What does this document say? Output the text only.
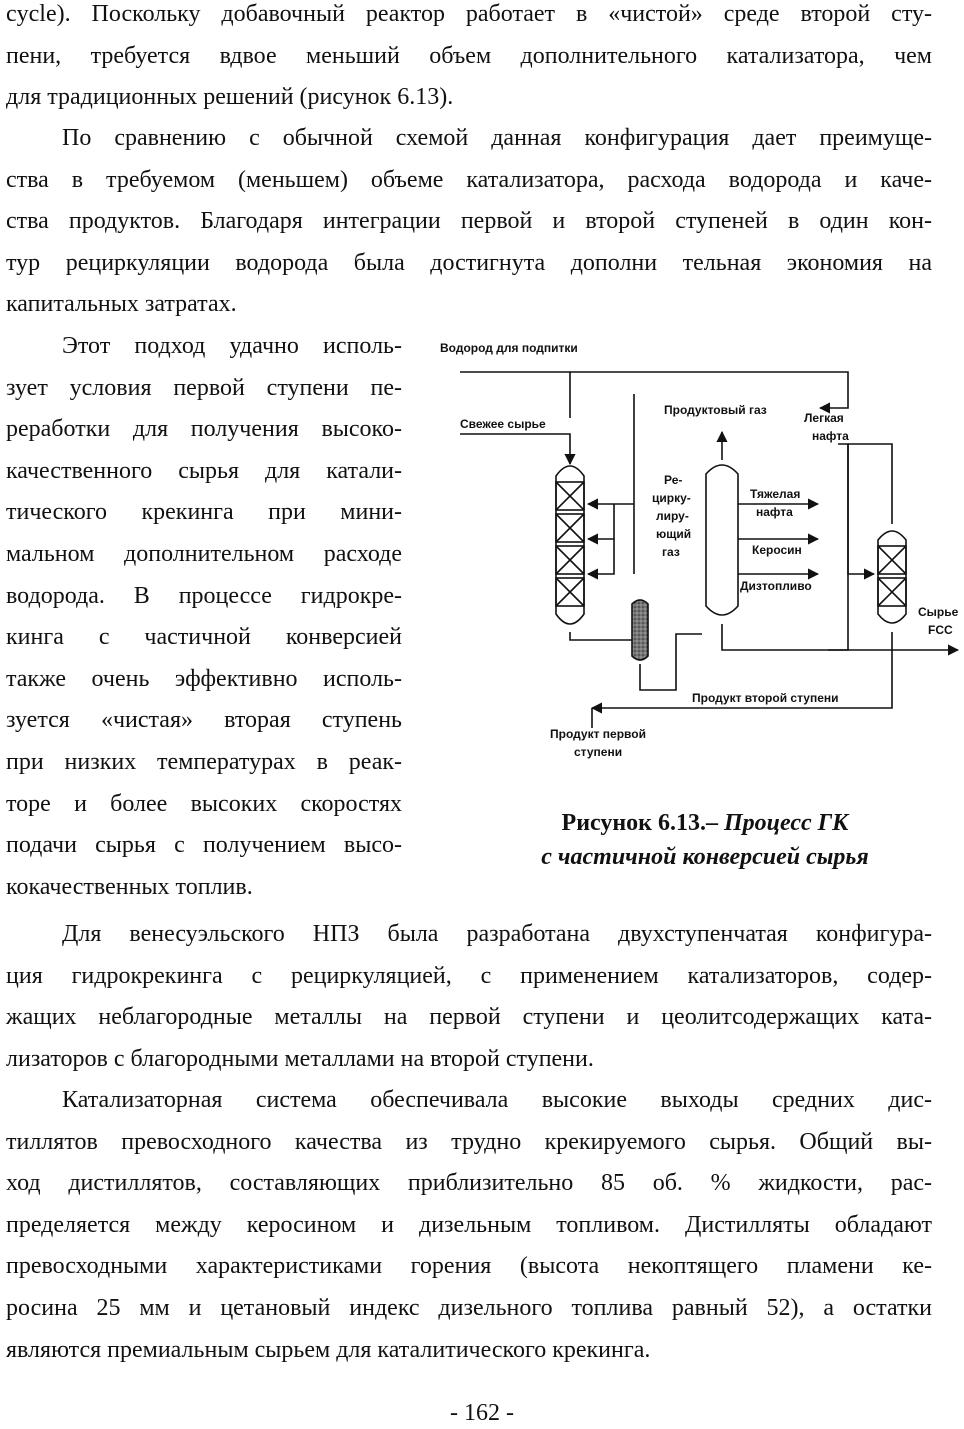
cycle). Поскольку добавочный реактор работает в «чистой» среде второй сту-
пени, требуется вдвое меньший объем дополнительного катализатора, чем
для традиционных решений (рисунок 6.13).
По сравнению с обычной схемой данная конфигурация дает преимуще-
ства в требуемом (меньшем) объеме катализатора, расхода водорода и каче-
ства продуктов. Благодаря интеграции первой и второй ступеней в один кон-
тур рециркуляции водорода была достигнута дополни тельная экономия на
капитальных затратах.
Этот подход удачно исполь-
зует условия первой ступени пе-
реработки для получения высоко-
качественного сырья для катали-
тического крекинга при мини-
мальном дополнительном расходе
водорода. В процессе гидрокре-
кинга с частичной конверсией
также очень эффективно исполь-
зуется «чистая» вторая ступень
при низких температурах в реак-
торе и более высоких скоростях
подачи сырья с получением высо-
кокачественных топлив.
Водород для подпитки
Свежее сырье
Продуктовый газ
Легкая
нафта
Ре-
цирку-
лиру-
ющий
газ
Тяжелая
нафта
Керосин
Дизтопливо
Сырье
FCC
Продукт второй ступени
Продукт первой
ступени
Рисунок 6.13.– Процесс ГК
с частичной конверсией сырья
Для венесуэльского НПЗ была разработана двухступенчатая конфигура-
ция гидрокрекинга с рециркуляцией, с применением катализаторов, содер-
жащих неблагородные металлы на первой ступени и цеолитсодержащих ката-
лизаторов с благородными металлами на второй ступени.
Катализаторная система обеспечивала высокие выходы средних дис-
тиллятов превосходного качества из трудно крекируемого сырья. Общий вы-
ход дистиллятов, составляющих приблизительно 85 об. % жидкости, рас-
пределяется между керосином и дизельным топливом. Дистилляты обладают
превосходными характеристиками горения (высота некоптящего пламени ке-
росина 25 мм и цетановый индекс дизельного топлива равный 52), а остатки
являются премиальным сырьем для каталитического крекинга.
- 162 -
